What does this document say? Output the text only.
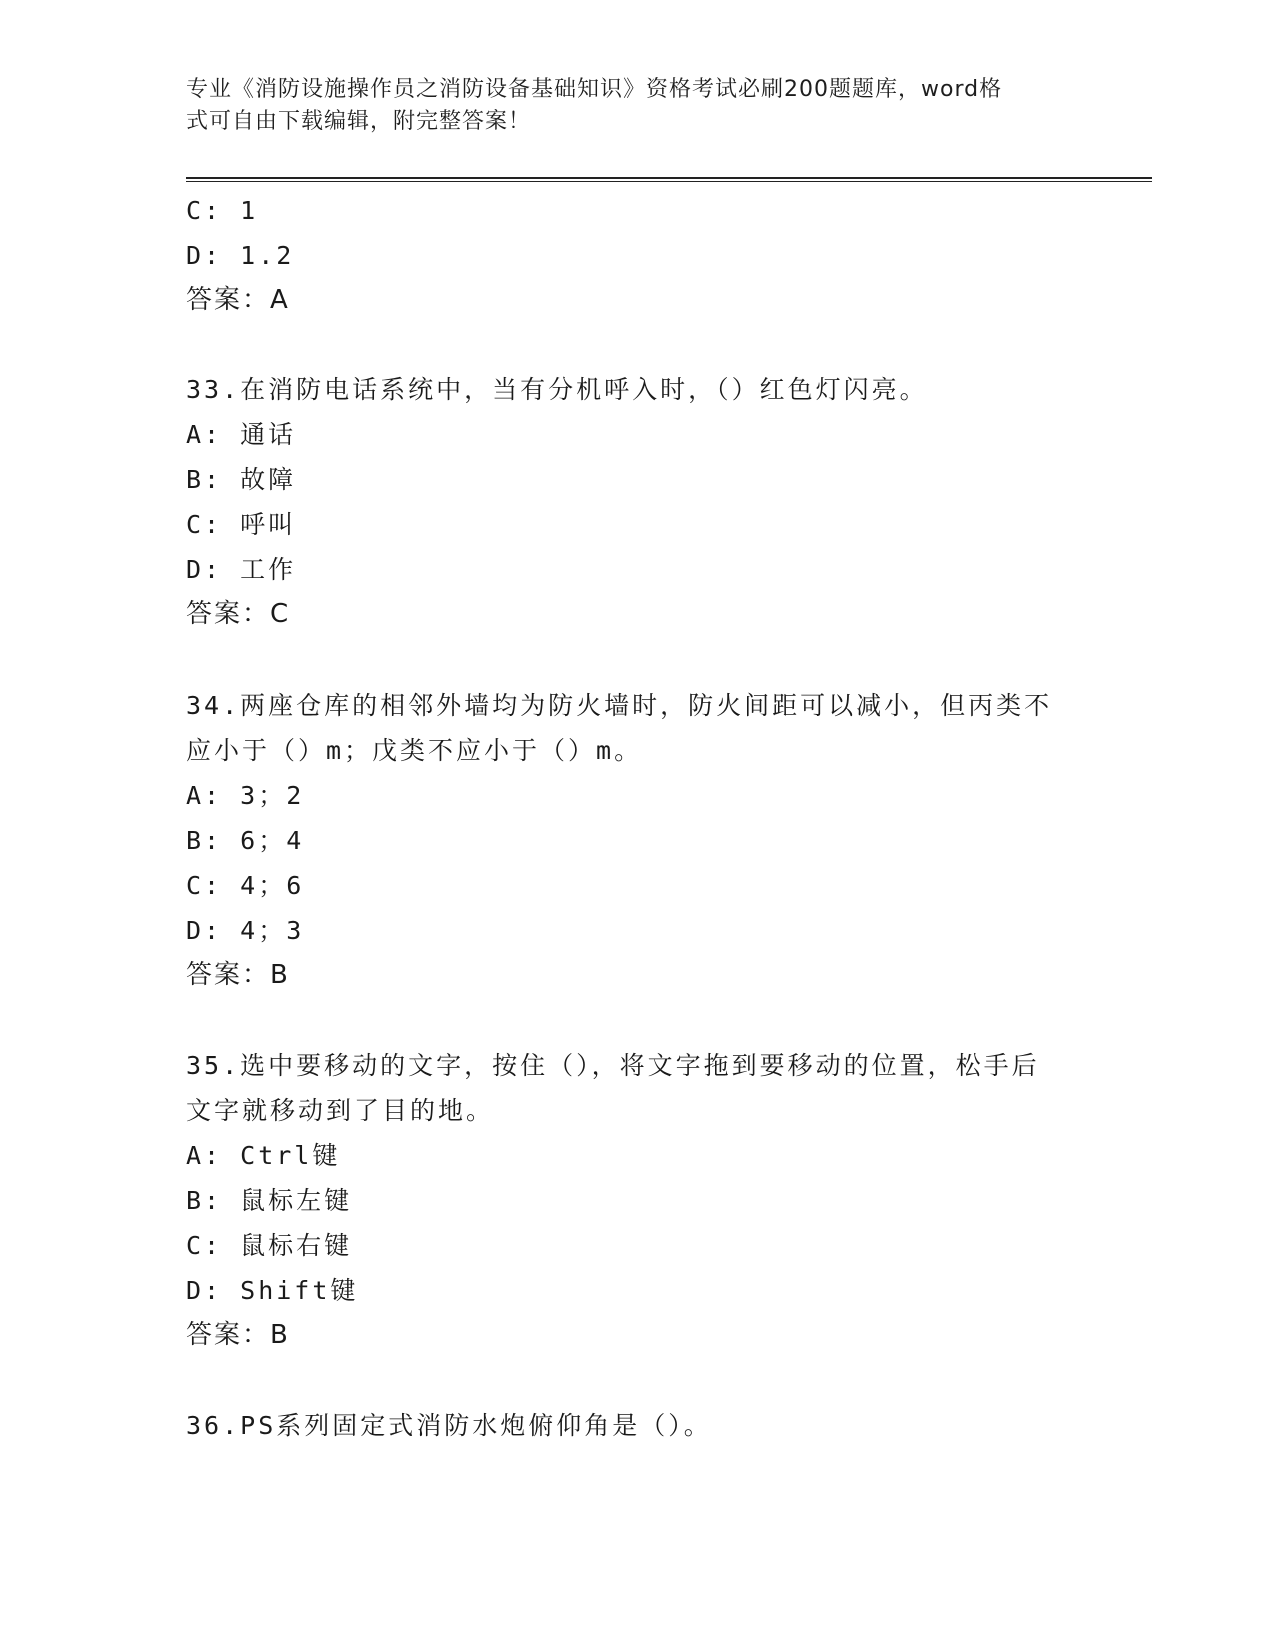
专业《消防设施操作员之消防设备基础知识》资格考试必刷200题题库，word格
式可自由下载编辑，附完整答案！
C: 1
D: 1.2
答案：A
33.在消防电话系统中，当有分机呼入时，（）红色灯闪亮。
A: 通话
B: 故障
C: 呼叫
D: 工作
答案：C
34.两座仓库的相邻外墙均为防火墙时，防火间距可以减小，但丙类不
应小于（）m；戊类不应小于（）m。
A: 3；2
B: 6；4
C: 4；6
D: 4；3
答案：B
35.选中要移动的文字，按住（），将文字拖到要移动的位置，松手后
文字就移动到了目的地。
A: Ctrl键
B: 鼠标左键
C: 鼠标右键
D: Shift键
答案：B
36.PS系列固定式消防水炮俯仰角是（）。
